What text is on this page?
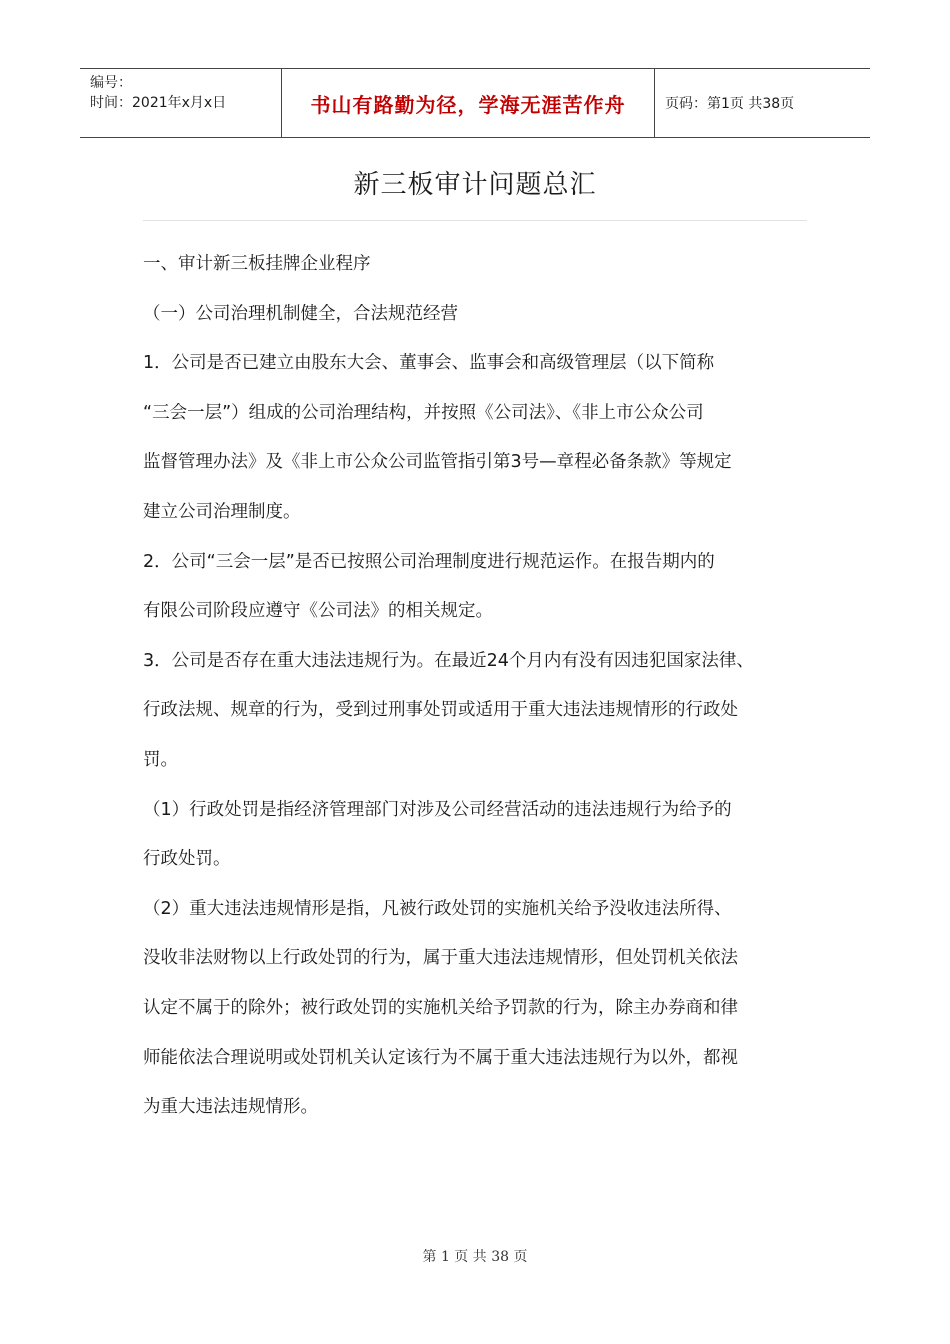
编号：
时间：2021年x月x日	书山有路勤为径，学海无涯苦作舟	页码：第1页 共38页
新三板审计问题总汇
一、审计新三板挂牌企业程序
（一）公司治理机制健全，合法规范经营
1．公司是否已建立由股东大会、董事会、监事会和高级管理层（以下简称
“三会一层”）组成的公司治理结构，并按照《公司法》、《非上市公众公司
监督管理办法》及《非上市公众公司监管指引第3号—章程必备条款》等规定
建立公司治理制度。
2．公司“三会一层”是否已按照公司治理制度进行规范运作。在报告期内的
有限公司阶段应遵守《公司法》的相关规定。
3．公司是否存在重大违法违规行为。在最近24个月内有没有因违犯国家法律、
行政法规、规章的行为，受到过刑事处罚或适用于重大违法违规情形的行政处
罚。
（1）行政处罚是指经济管理部门对涉及公司经营活动的违法违规行为给予的
行政处罚。
（2）重大违法违规情形是指，凡被行政处罚的实施机关给予没收违法所得、
没收非法财物以上行政处罚的行为，属于重大违法违规情形，但处罚机关依法
认定不属于的除外；被行政处罚的实施机关给予罚款的行为，除主办券商和律
师能依法合理说明或处罚机关认定该行为不属于重大违法违规行为以外，都视
为重大违法违规情形。
第 1 页 共 38 页
